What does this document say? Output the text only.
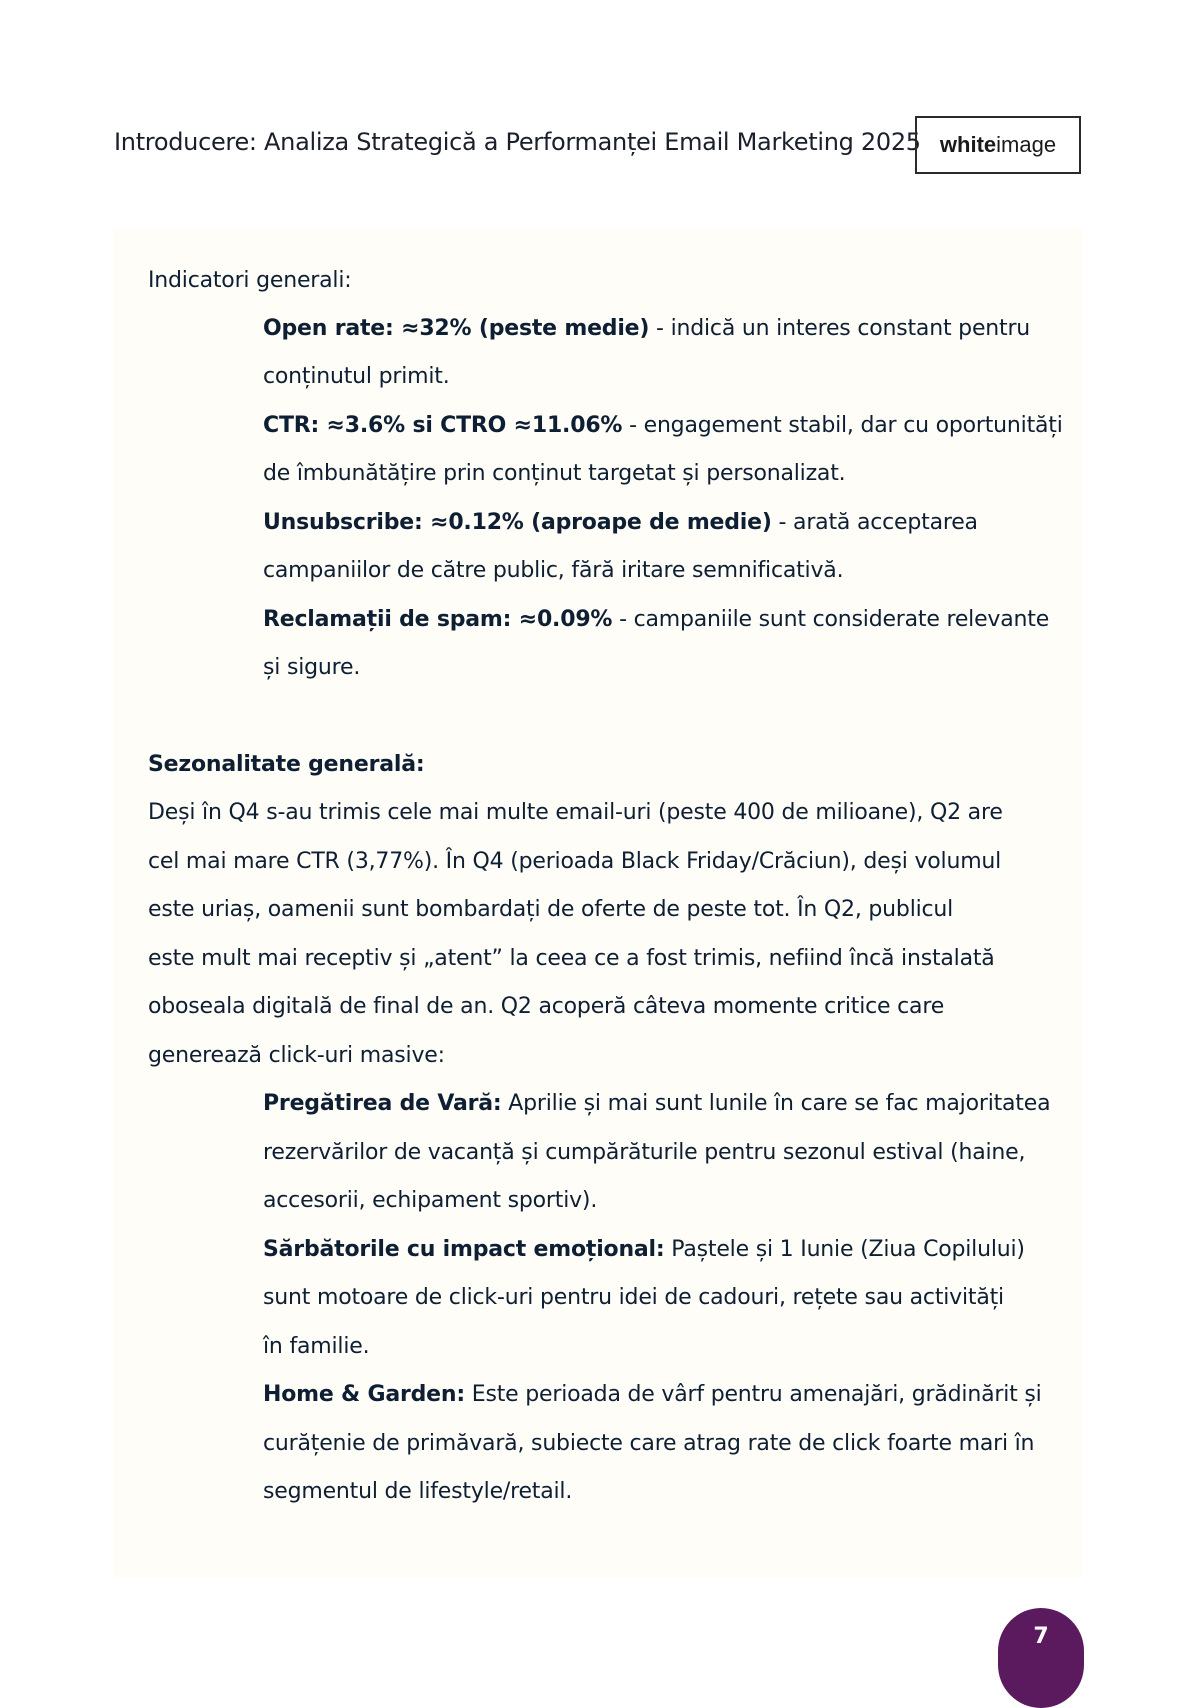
Introducere: Analiza Strategică a Performanței Email Marketing 2025 white image
Indicatori generali:
Open rate: ≈32% (peste medie) - indică un interes constant pentru
conținutul primit.
CTR: ≈3.6% si CTRO ≈11.06% - engagement stabil, dar cu oportunități
de îmbunătățire prin conținut targetat și personalizat.
Unsubscribe: ≈0.12% (aproape de medie) - arată acceptarea
campaniilor de către public, fără iritare semnificativă.
Reclamații de spam: ≈0.09% - campaniile sunt considerate relevante
și sigure.
Sezonalitate generală:
Deși în Q4 s-au trimis cele mai multe email-uri (peste 400 de milioane), Q2 are
cel mai mare CTR (3,77%). În Q4 (perioada Black Friday/Crăciun), deși volumul
este uriaș, oamenii sunt bombardați de oferte de peste tot. În Q2, publicul
este mult mai receptiv și „atent” la ceea ce a fost trimis, nefiind încă instalată
oboseala digitală de final de an. Q2 acoperă câteva momente critice care
generează click-uri masive:
Pregătirea de Vară: Aprilie și mai sunt lunile în care se fac majoritatea
rezervărilor de vacanță și cumpărăturile pentru sezonul estival (haine,
accesorii, echipament sportiv).
Sărbătorile cu impact emoțional: Paștele și 1 Iunie (Ziua Copilului)
sunt motoare de click-uri pentru idei de cadouri, rețete sau activități
în familie.
Home & Garden: Este perioada de vârf pentru amenajări, grădinărit și
curățenie de primăvară, subiecte care atrag rate de click foarte mari în
segmentul de lifestyle/retail.
7
